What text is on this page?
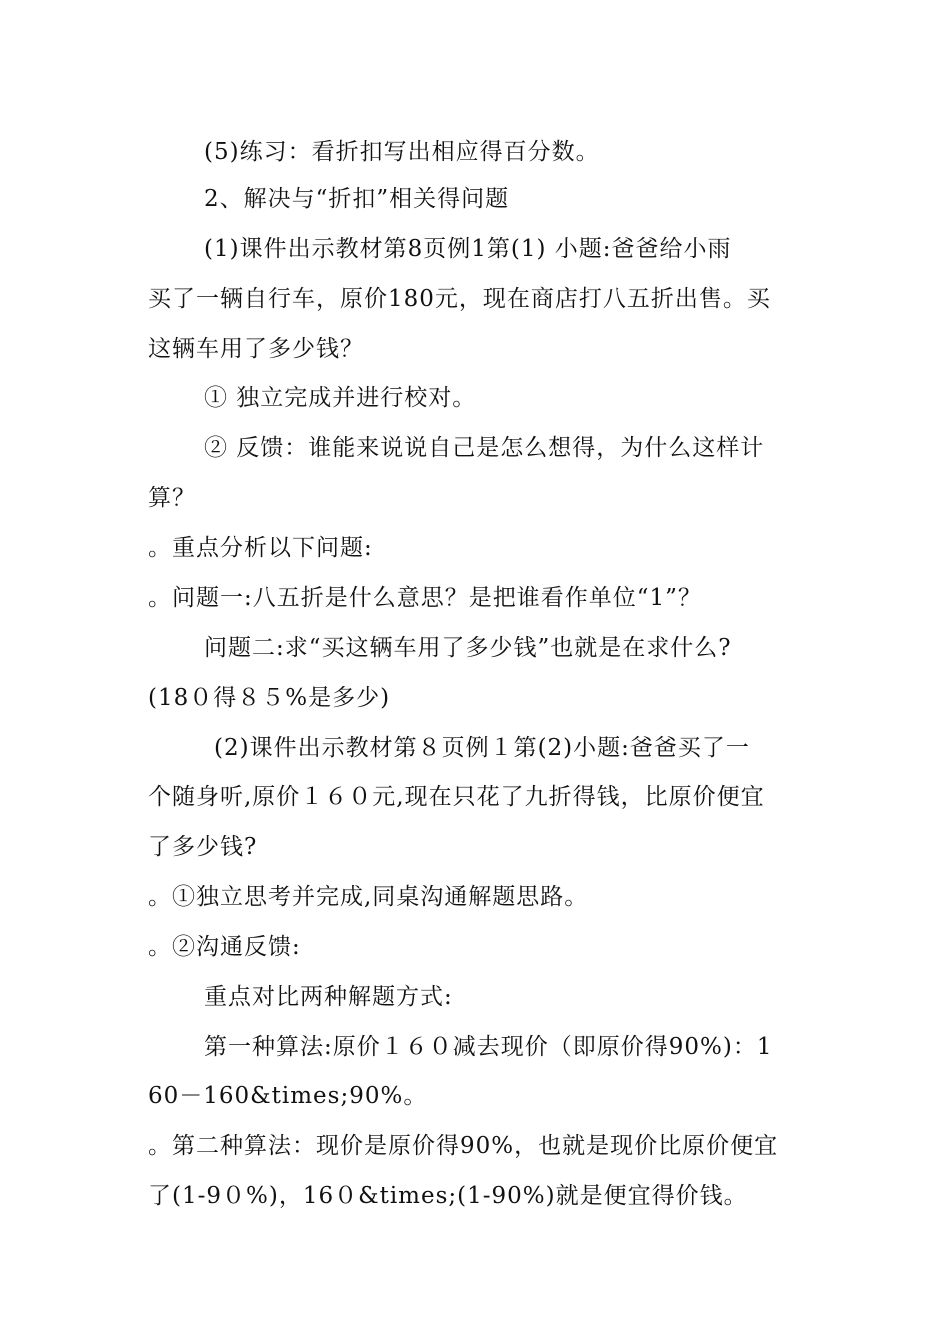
(5)练习：看折扣写出相应得百分数。
2、解决与“折扣”相关得问题
(1)课件出示教材第8页例1第(1) 小题:爸爸给小雨
买了一辆自行车，原价180元，现在商店打八五折出售。买
这辆车用了多少钱？
① 独立完成并进行校对。
② 反馈：谁能来说说自己是怎么想得，为什么这样计
算？
。重点分析以下问题:
。问题一:八五折是什么意思？是把谁看作单位“1”？
问题二:求“买这辆车用了多少钱”也就是在求什么?
(18０得８５%是多少)
(2)课件出示教材第８页例１第(2)小题:爸爸买了一
个随身听,原价１６０元,现在只花了九折得钱，比原价便宜
了多少钱?
。①独立思考并完成,同桌沟通解题思路。
。②沟通反馈:
重点对比两种解题方式:
第一种算法:原价１６０减去现价（即原价得90%)：1
60－160&times;90%。
。第二种算法：现价是原价得90%，也就是现价比原价便宜
了(1-9０%)，16０&times;(1-90%)就是便宜得价钱。
